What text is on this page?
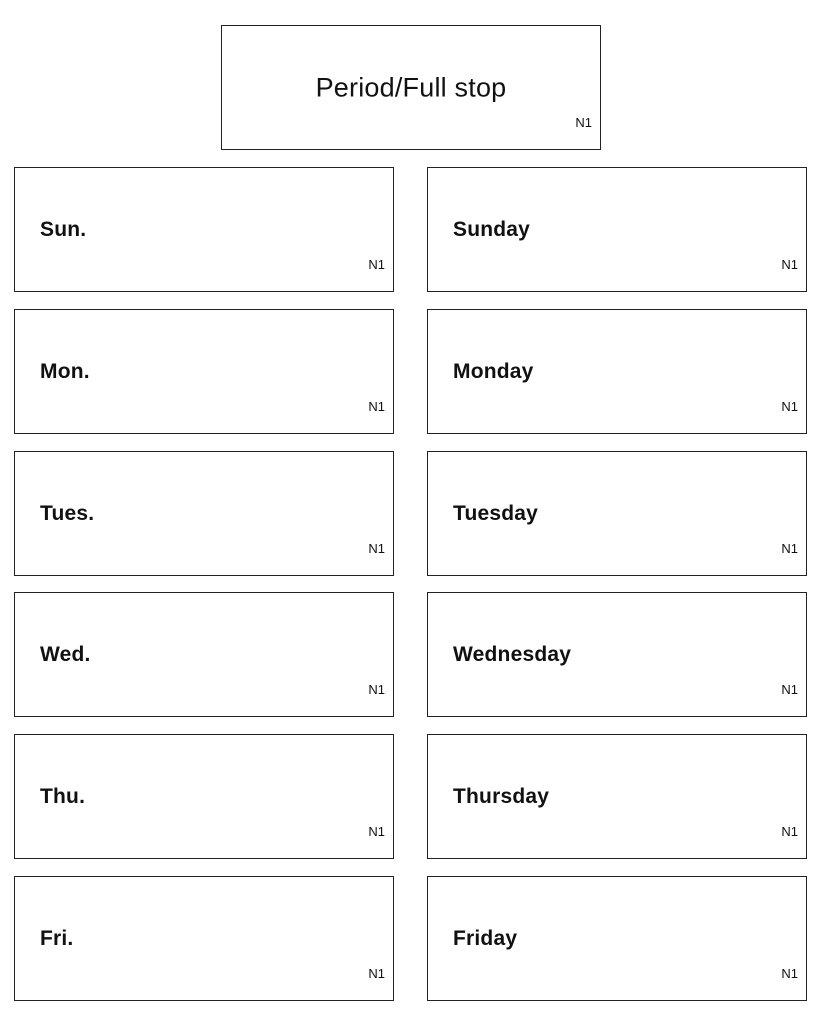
Period/Full stop
N1
Sun.
N1
Sunday
N1
Mon.
N1
Monday
N1
Tues.
N1
Tuesday
N1
Wed.
N1
Wednesday
N1
Thu.
N1
Thursday
N1
Fri.
N1
Friday
N1
